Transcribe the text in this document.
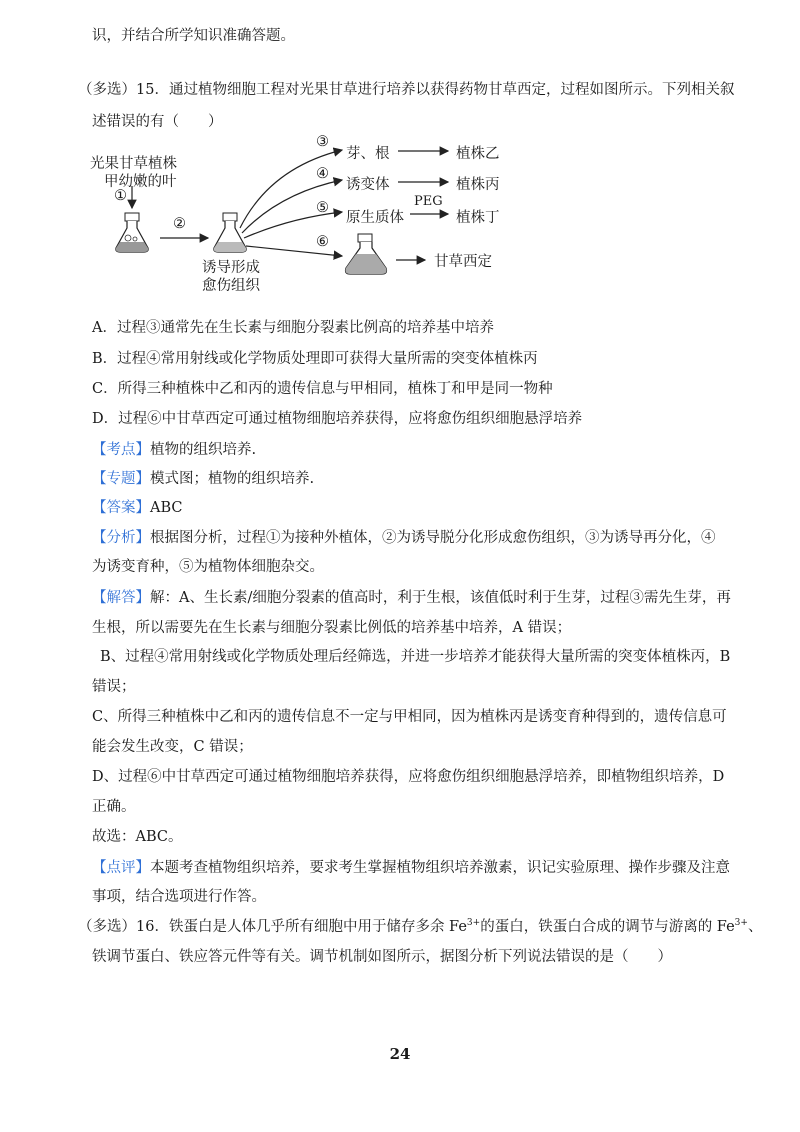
识，并结合所学知识准确答题。
（多选）15．通过植物细胞工程对光果甘草进行培养以获得药物甘草西定，过程如图所示。下列相关叙
述错误的有（　　）
光果甘草植株
甲幼嫩的叶
①
②
诱导形成
愈伤组织
③
④
⑤
⑥
芽、根
诱变体
原生质体
PEG
植株乙
植株丙
植株丁
甘草西定
A．过程③通常先在生长素与细胞分裂素比例高的培养基中培养
B．过程④常用射线或化学物质处理即可获得大量所需的突变体植株丙
C．所得三种植株中乙和丙的遗传信息与甲相同，植株丁和甲是同一物种
D．过程⑥中甘草西定可通过植物细胞培养获得，应将愈伤组织细胞悬浮培养
【考点】植物的组织培养.
【专题】模式图；植物的组织培养.
【答案】ABC
【分析】根据图分析，过程①为接种外植体，②为诱导脱分化形成愈伤组织，③为诱导再分化，④
为诱变育种，⑤为植物体细胞杂交。
【解答】解：A、生长素/细胞分裂素的值高时，利于生根，该值低时利于生芽，过程③需先生芽，再
生根，所以需要先在生长素与细胞分裂素比例低的培养基中培养，A 错误；
B、过程④常用射线或化学物质处理后经筛选，并进一步培养才能获得大量所需的突变体植株丙，B
错误；
C、所得三种植株中乙和丙的遗传信息不一定与甲相同，因为植株丙是诱变育种得到的，遗传信息可
能会发生改变，C 错误；
D、过程⑥中甘草西定可通过植物细胞培养获得，应将愈伤组织细胞悬浮培养，即植物组织培养，D
正确。
故选：ABC。
【点评】本题考查植物组织培养，要求考生掌握植物组织培养激素，识记实验原理、操作步骤及注意
事项，结合选项进行作答。
（多选）16．铁蛋白是人体几乎所有细胞中用于储存多余 $Fe^{3+}$的蛋白，铁蛋白合成的调节与游离的 $Fe^{3+}$、
铁调节蛋白、铁应答元件等有关。调节机制如图所示，据图分析下列说法错误的是（　　）
24
